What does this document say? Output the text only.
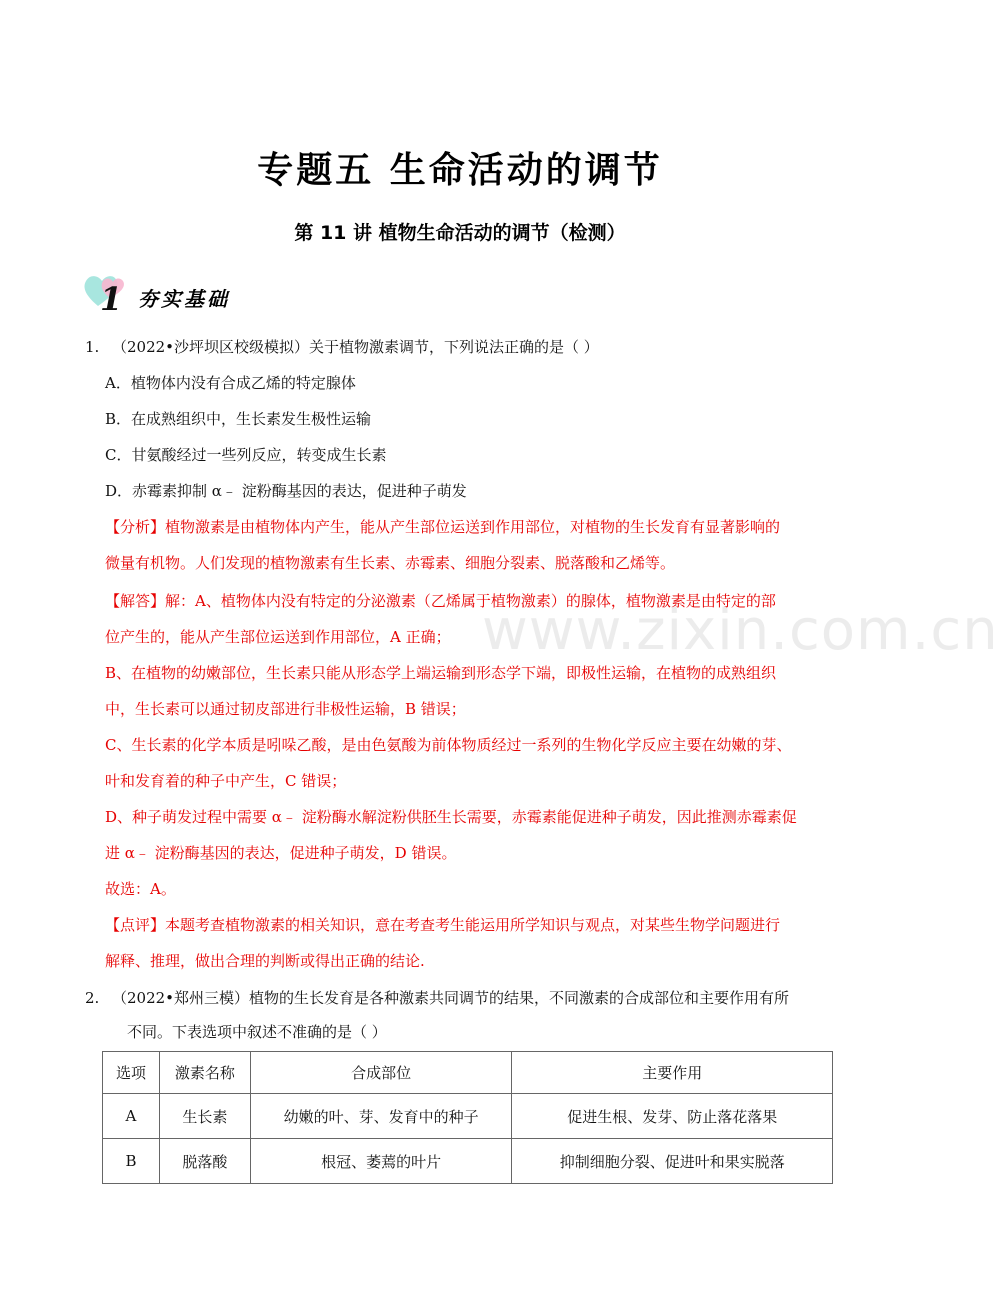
专题五 生命活动的调节
第 11 讲 植物生命活动的调节（检测）
1 夯实基础
www.zixin.com.cn
1. （2022•沙坪坝区校级模拟）关于植物激素调节，下列说法正确的是（ ）
A．植物体内没有合成乙烯的特定腺体
B．在成熟组织中，生长素发生极性运输
C．甘氨酸经过一些列反应，转变成生长素
D．赤霉素抑制 α﹣ 淀粉酶基因的表达，促进种子萌发
【分析】植物激素是由植物体内产生，能从产生部位运送到作用部位，对植物的生长发育有显著影响的
微量有机物。人们发现的植物激素有生长素、赤霉素、细胞分裂素、脱落酸和乙烯等。
【解答】解：A、植物体内没有特定的分泌激素（乙烯属于植物激素）的腺体，植物激素是由特定的部
位产生的，能从产生部位运送到作用部位，A 正确；
B、在植物的幼嫩部位，生长素只能从形态学上端运输到形态学下端，即极性运输，在植物的成熟组织
中，生长素可以通过韧皮部进行非极性运输，B 错误；
C、生长素的化学本质是吲哚乙酸，是由色氨酸为前体物质经过一系列的生物化学反应主要在幼嫩的芽、
叶和发育着的种子中产生，C 错误；
D、种子萌发过程中需要 α﹣ 淀粉酶水解淀粉供胚生长需要，赤霉素能促进种子萌发，因此推测赤霉素促
进 α﹣ 淀粉酶基因的表达，促进种子萌发，D 错误。
故选：A。
【点评】本题考查植物激素的相关知识，意在考查考生能运用所学知识与观点，对某些生物学问题进行
解释、推理，做出合理的判断或得出正确的结论.
2. （2022•郑州三模）植物的生长发育是各种激素共同调节的结果，不同激素的合成部位和主要作用有所
不同。下表选项中叙述不准确的是（ ）
选项	激素名称	合成部位	主要作用
A	生长素	幼嫩的叶、芽、发育中的种子	促进生根、发芽、防止落花落果
B	脱落酸	根冠、萎蔫的叶片	抑制细胞分裂、促进叶和果实脱落
